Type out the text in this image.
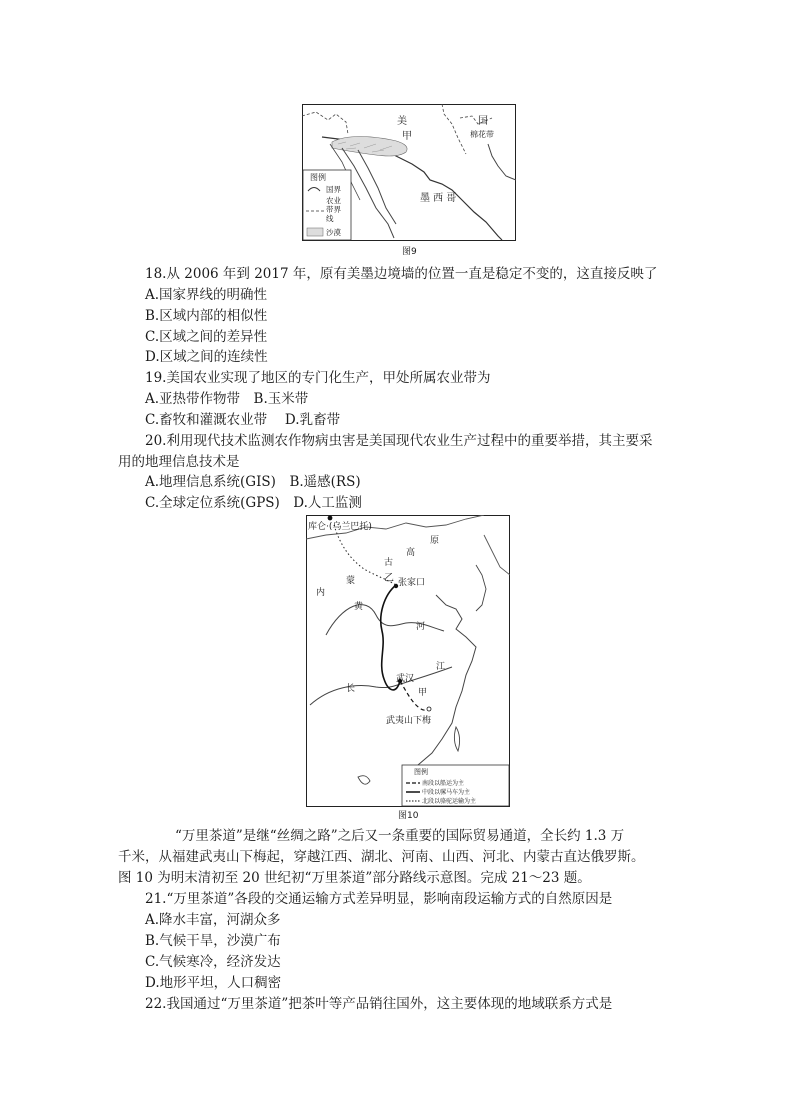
美	国
甲	棉花带
墨 西 哥
图例
国界
农业
带界
线
沙漠
图9
18.从 2006 年到 2017 年，原有美墨边境墙的位置一直是稳定不变的，这直接反映了
A.国家界线的明确性
B.区域内部的相似性
C.区域之间的差异性
D.区域之间的连续性
19.美国农业实现了地区的专门化生产，甲处所属农业带为
A.亚热带作物带　B.玉米带
C.畜牧和灌溉农业带　 D.乳畜带
20.利用现代技术监测农作物病虫害是美国现代农业生产过程中的重要举措，其主要采
用的地理信息技术是
A.地理信息系统(GIS)　B.遥感(RS)
C.全球定位系统(GPS)　D.人工监测
库仑·(乌兰巴托)
古
高
原
内
蒙	乙 张家口
黄
河
武汉
江
长	甲
武夷山下梅
图例
南段以船运为主
中段以骡马车为主
北段以骆驼运输为主
图10
“万里茶道”是继“丝绸之路”之后又一条重要的国际贸易通道，全长约 1.3 万
千米，从福建武夷山下梅起，穿越江西、湖北、河南、山西、河北、内蒙古直达俄罗斯。
图 10 为明末清初至 20 世纪初“万里茶道”部分路线示意图。完成 21～23 题。
21.“万里茶道”各段的交通运输方式差异明显，影响南段运输方式的自然原因是
A.降水丰富，河湖众多
B.气候干旱，沙漠广布
C.气候寒冷，经济发达
D.地形平坦，人口稠密
22.我国通过“万里茶道”把茶叶等产品销往国外，这主要体现的地域联系方式是
